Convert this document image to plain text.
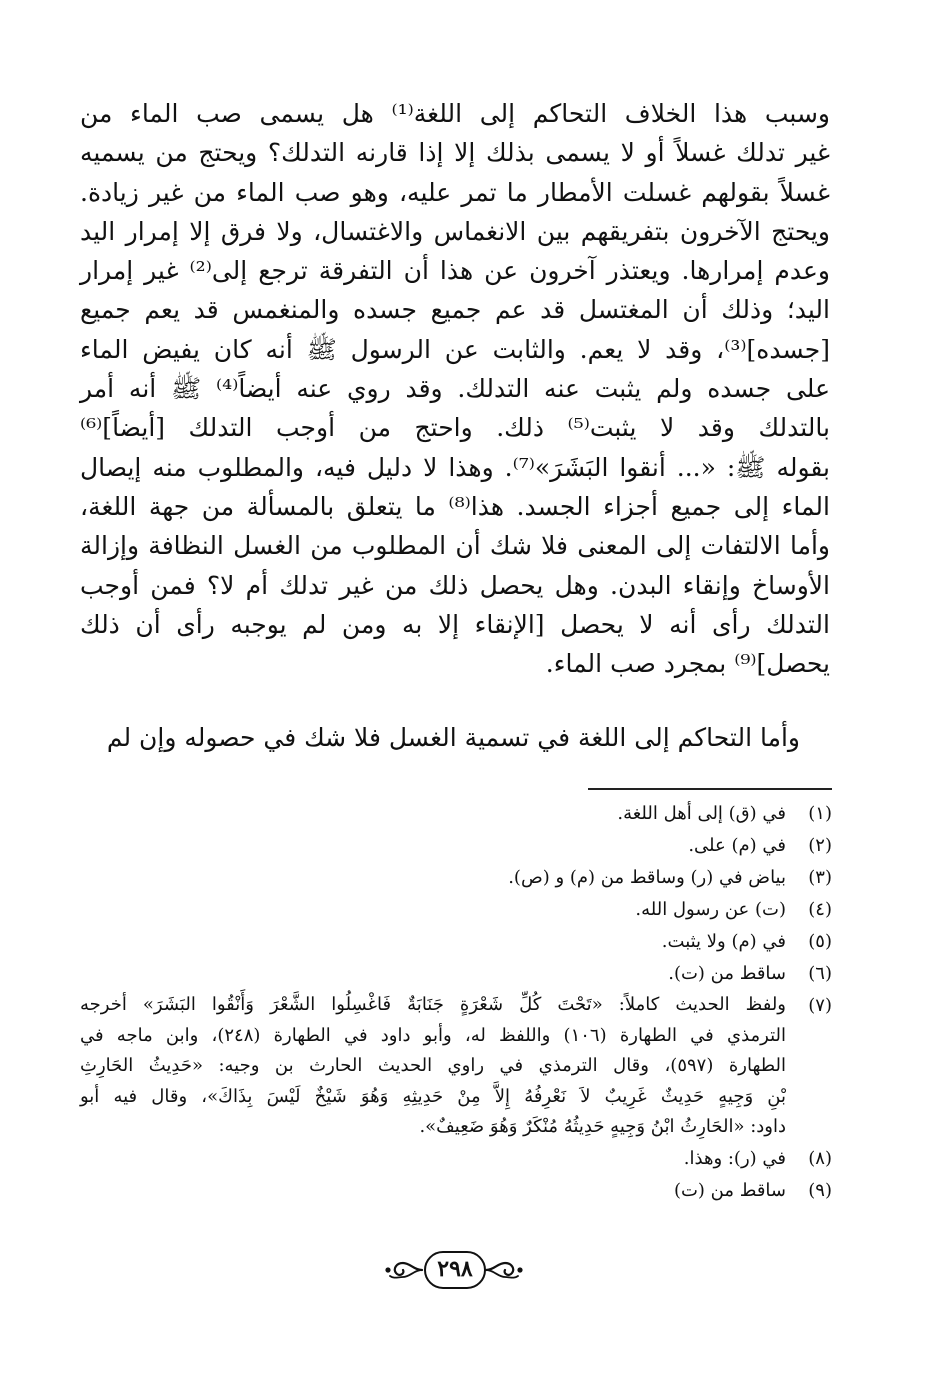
وسبب هذا الخلاف التحاكم إلى اللغة⁽¹⁾ هل يسمى صب الماء من
غير تدلك غسلاً أو لا يسمى بذلك إلا إذا قارنه التدلك؟ ويحتج من يسميه
غسلاً بقولهم غسلت الأمطار ما تمر عليه، وهو صب الماء من غير زيادة.
ويحتج الآخرون بتفريقهم بين الانغماس والاغتسال، ولا فرق إلا إمرار اليد
وعدم إمرارها. ويعتذر آخرون عن هذا أن التفرقة ترجع إلى⁽²⁾ غير إمرار
اليد؛ وذلك أن المغتسل قد عم جميع جسده والمنغمس قد يعم جميع
[جسده]⁽³⁾، وقد لا يعم. والثابت عن الرسول ﷺ أنه كان يفيض الماء
على جسده ولم يثبت عنه التدلك. وقد روي عنه أيضاً⁽⁴⁾ ﷺ أنه أمر
بالتدلك وقد لا يثبت⁽⁵⁾ ذلك. واحتج من أوجب التدلك [أيضاً]⁽⁶⁾
بقوله ﷺ: «... أنقوا البَشَرَ»⁽⁷⁾. وهذا لا دليل فيه، والمطلوب منه إيصال
الماء إلى جميع أجزاء الجسد. هذا⁽⁸⁾ ما يتعلق بالمسألة من جهة اللغة،
وأما الالتفات إلى المعنى فلا شك أن المطلوب من الغسل النظافة وإزالة
الأوساخ وإنقاء البدن. وهل يحصل ذلك من غير تدلك أم لا؟ فمن أوجب
التدلك رأى أنه لا يحصل [الإنقاء إلا به ومن لم يوجبه رأى أن ذلك
يحصل]⁽⁹⁾ بمجرد صب الماء.
وأما التحاكم إلى اللغة في تسمية الغسل فلا شك في حصوله وإن لم
(١)
في (ق) إلى أهل اللغة.
(٢)
في (م) على.
(٣)
بياض في (ر) وساقط من (م) و (ص).
(٤)
(ت) عن رسول الله.
(٥)
في (م) ولا يثبت.
(٦)
ساقط من (ت).
(٧)
ولفظ الحديث كاملاً: «تَحْتَ كُلِّ شَعْرَةٍ جَنَابَةٌ فَاغْسِلُوا الشَّعْرَ وَأَنْقُوا البَشَرَ» أخرجه
الترمذي في الطهارة (١٠٦) واللفظ له، وأبو داود في الطهارة (٢٤٨)، وابن ماجه في
الطهارة (٥٩٧)، وقال الترمذي في راوي الحديث الحارث بن وجيه: «حَدِيثُ الحَارِثِ
بْنِ وَجِيهٍ حَدِيثٌ غَرِيبٌ لاَ نَعْرِفُهُ إِلاَّ مِنْ حَدِيثِهِ وَهُوَ شَيْخٌ لَيْسَ بِذَاكَ»، وقال فيه أبو
داود: «الحَارِثُ ابْنُ وَجِيهٍ حَدِيثُهُ مُنْكَرٌ وَهُوَ ضَعِيفٌ».
(٨)
في (ر): وهذا.
(٩)
ساقط من (ت)
٢٩٨
